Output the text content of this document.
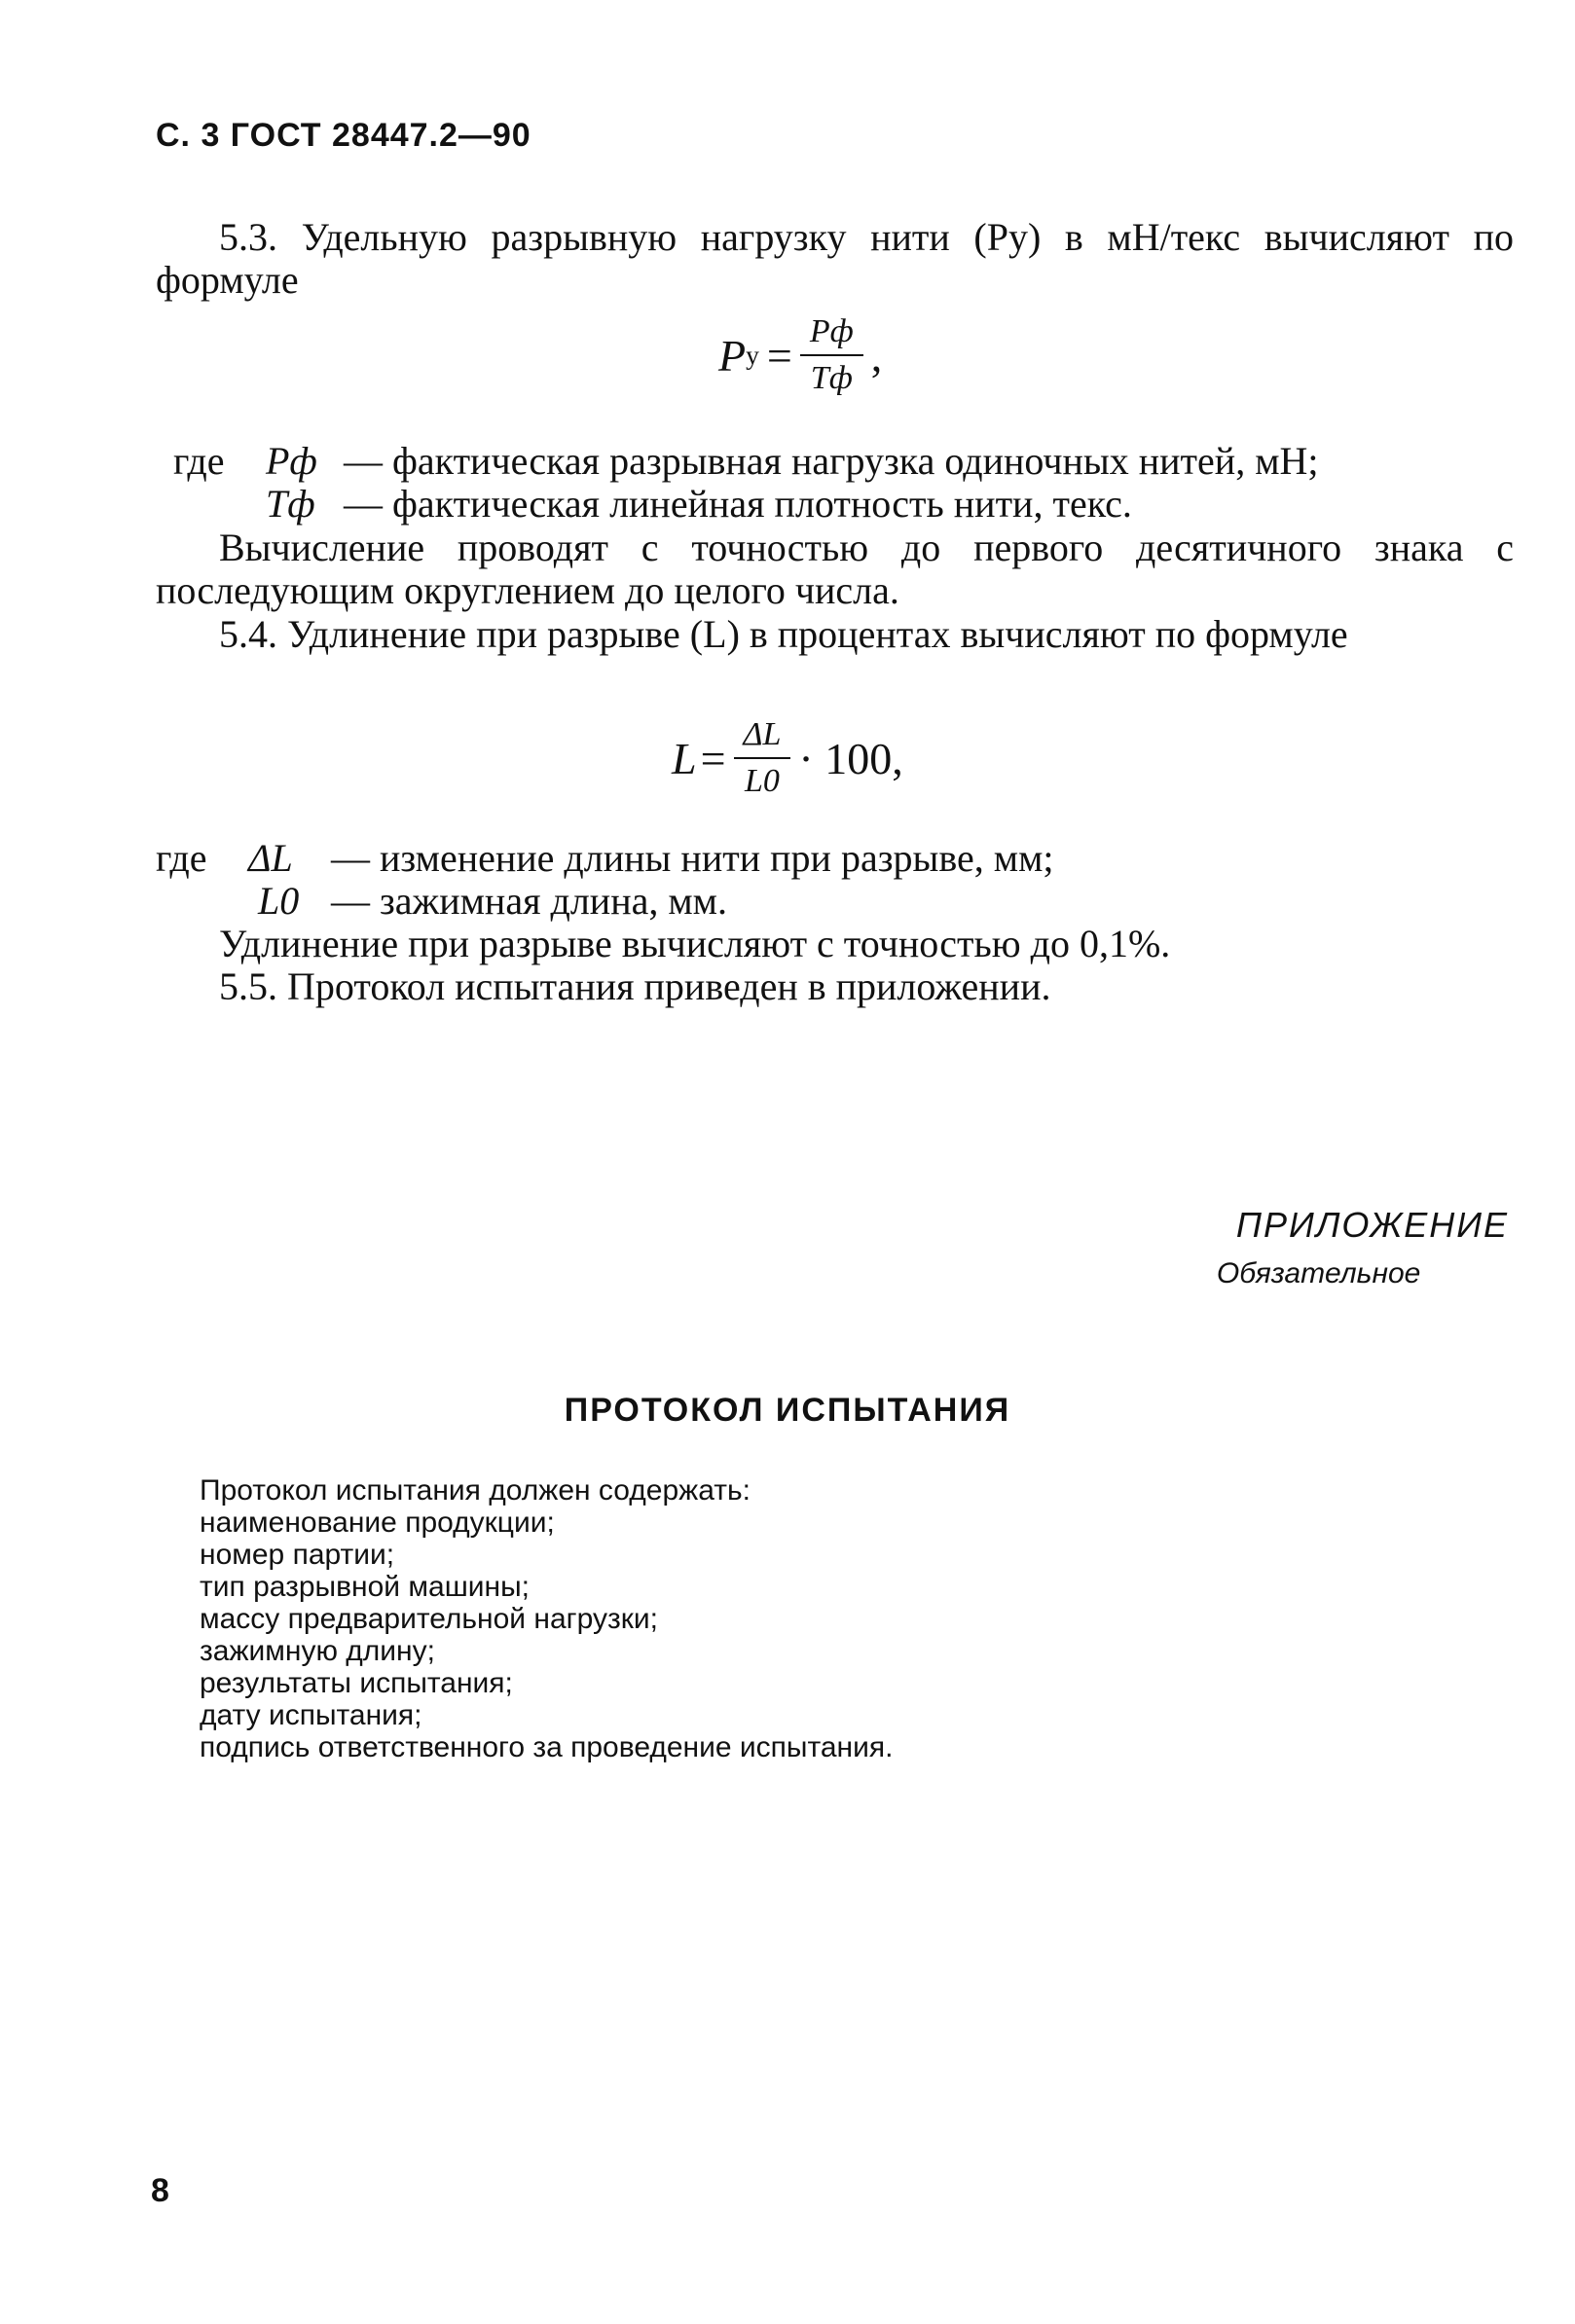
С. 3 ГОСТ 28447.2—90
5.3. Удельную разрывную нагрузку нити (Pу) в мН/текс вычисляют по формуле
P $у = \frac{Pф}{Tф}$ ,
где	Pф — фактическая разрывная нагрузка одиночных нитей, мН;
Tф — фактическая линейная плотность нити, текс.
Вычисление проводят с точностью до первого десятичного знака с последующим округлением до целого числа.
5.4. Удлинение при разрыве (L) в процентах вычисляют по формуле
$L = \frac{\Delta L}{L0} \cdot 100$,
где	ΔL — изменение длины нити при разрыве, мм;
L0 — зажимная длина, мм.
Удлинение при разрыве вычисляют с точностью до 0,1%.
5.5. Протокол испытания приведен в приложении.
ПРИЛОЖЕНИЕ
Обязательное
ПРОТОКОЛ ИСПЫТАНИЯ
Протокол испытания должен содержать:
наименование продукции;
номер партии;
тип разрывной машины;
массу предварительной нагрузки;
зажимную длину;
результаты испытания;
дату испытания;
подпись ответственного за проведение испытания.
8
